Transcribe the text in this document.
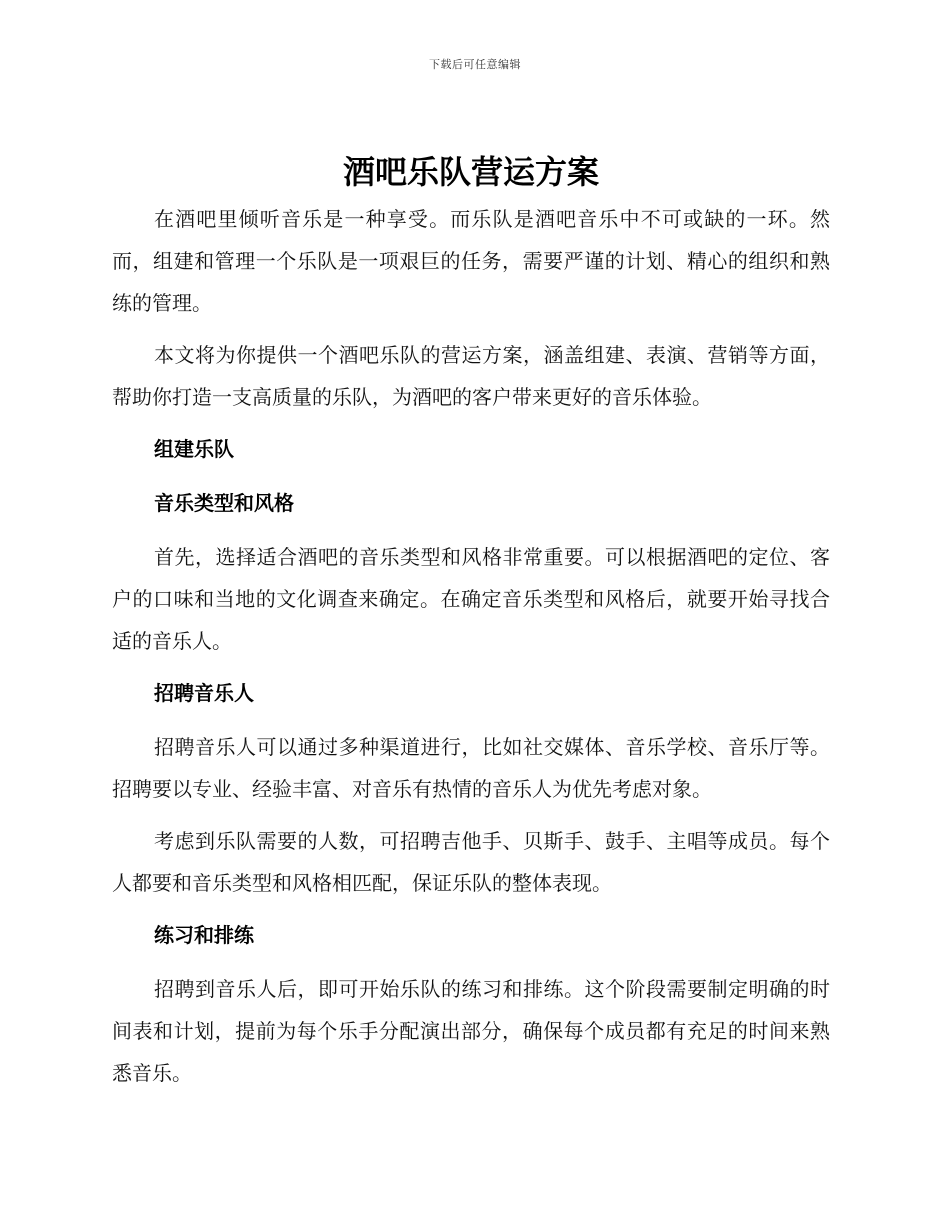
下载后可任意编辑
酒吧乐队营运方案

在酒吧里倾听音乐是一种享受。而乐队是酒吧音乐中不可或缺的一环。然而，组建和管理一个乐队是一项艰巨的任务，需要严谨的计划、精心的组织和熟练的管理。

本文将为你提供一个酒吧乐队的营运方案，涵盖组建、表演、营销等方面，帮助你打造一支高质量的乐队，为酒吧的客户带来更好的音乐体验。

组建乐队
音乐类型和风格

首先，选择适合酒吧的音乐类型和风格非常重要。可以根据酒吧的定位、客户的口味和当地的文化调查来确定。在确定音乐类型和风格后，就要开始寻找合适的音乐人。

招聘音乐人

招聘音乐人可以通过多种渠道进行，比如社交媒体、音乐学校、音乐厅等。招聘要以专业、经验丰富、对音乐有热情的音乐人为优先考虑对象。

考虑到乐队需要的人数，可招聘吉他手、贝斯手、鼓手、主唱等成员。每个人都要和音乐类型和风格相匹配，保证乐队的整体表现。

练习和排练

招聘到音乐人后，即可开始乐队的练习和排练。这个阶段需要制定明确的时间表和计划，提前为每个乐手分配演出部分，确保每个成员都有充足的时间来熟悉音乐。
